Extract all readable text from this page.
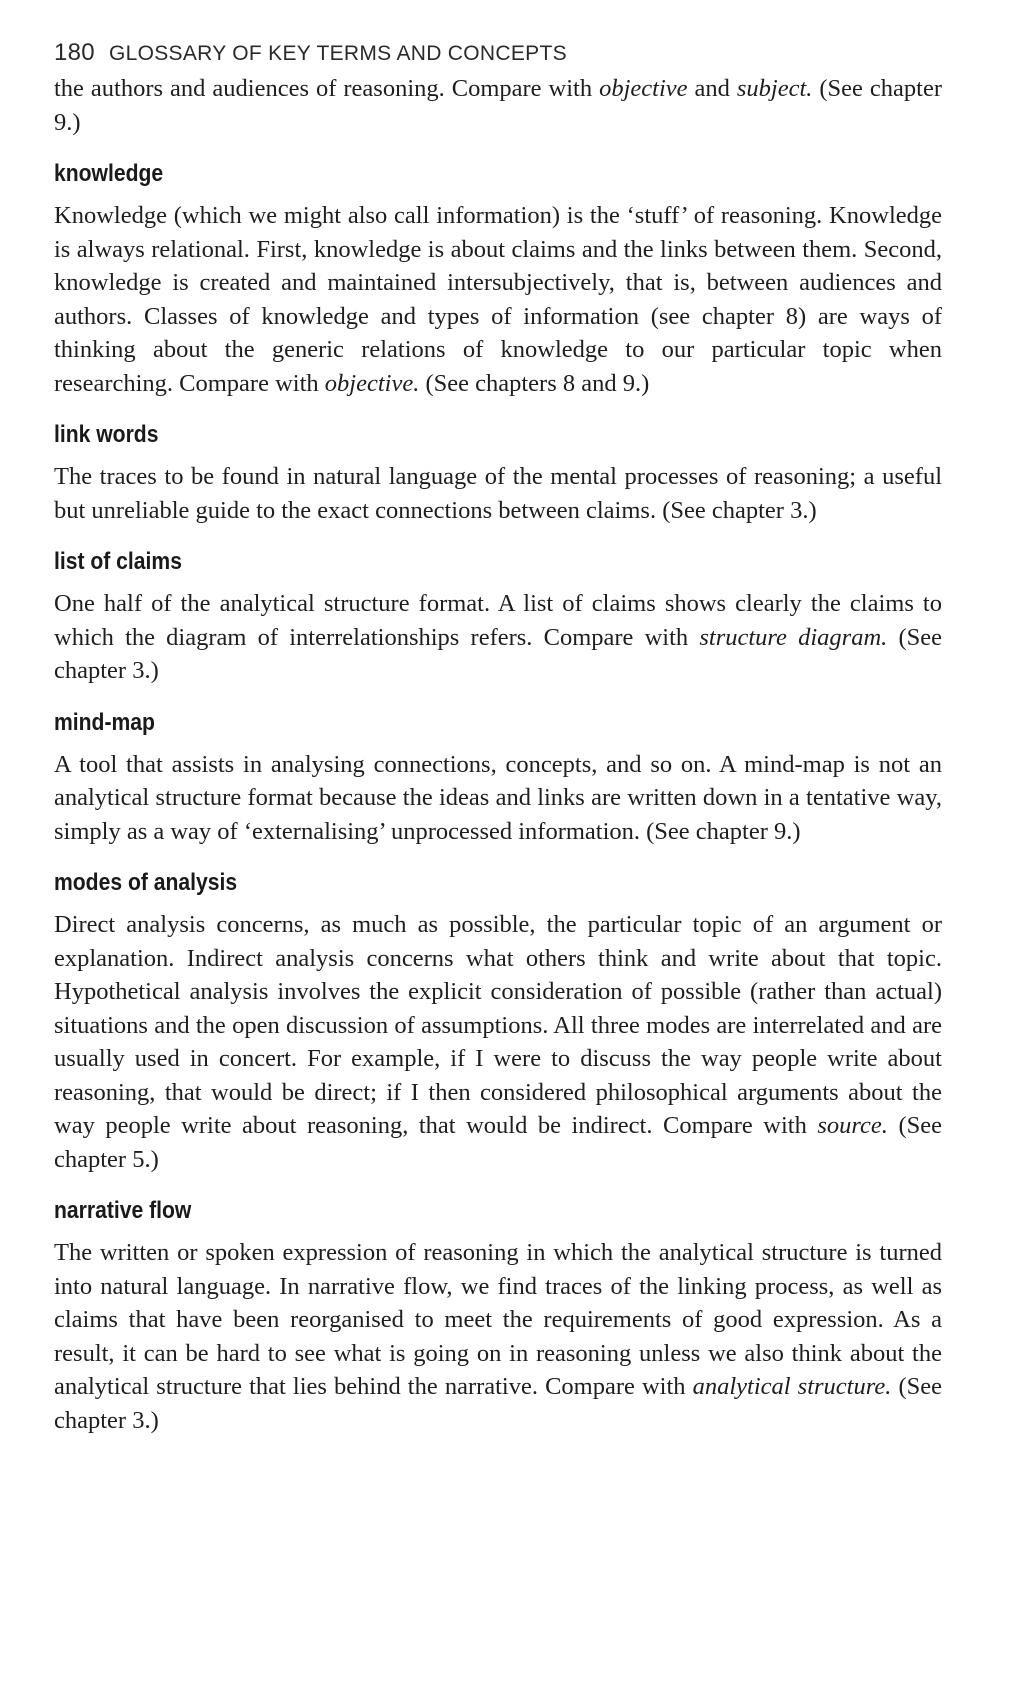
180 GLOSSARY OF KEY TERMS AND CONCEPTS

the authors and audiences of reasoning. Compare with objective and subject. (See chapter 9.)

knowledge

Knowledge (which we might also call information) is the ‘stuff’ of reasoning. Knowledge is always relational. First, knowledge is about claims and the links between them. Second, knowledge is created and maintained intersubjectively, that is, between audiences and authors. Classes of knowledge and types of information (see chapter 8) are ways of thinking about the generic relations of knowledge to our particular topic when researching. Compare with objective. (See chapters 8 and 9.)

link words

The traces to be found in natural language of the mental processes of reasoning; a useful but unreliable guide to the exact connections between claims. (See chapter 3.)

list of claims

One half of the analytical structure format. A list of claims shows clearly the claims to which the diagram of interrelationships refers. Compare with structure diagram. (See chapter 3.)

mind-map

A tool that assists in analysing connections, concepts, and so on. A mind-map is not an analytical structure format because the ideas and links are written down in a tentative way, simply as a way of ‘externalising’ unprocessed information. (See chapter 9.)

modes of analysis

Direct analysis concerns, as much as possible, the particular topic of an argument or explanation. Indirect analysis concerns what others think and write about that topic. Hypothetical analysis involves the explicit consideration of possible (rather than actual) situations and the open discussion of assumptions. All three modes are interrelated and are usually used in concert. For example, if I were to discuss the way people write about reasoning, that would be direct; if I then considered philosophical arguments about the way people write about reasoning, that would be indirect. Compare with source. (See chapter 5.)

narrative flow

The written or spoken expression of reasoning in which the analytical structure is turned into natural language. In narrative flow, we find traces of the linking process, as well as claims that have been reorganised to meet the requirements of good expression. As a result, it can be hard to see what is going on in reasoning unless we also think about the analytical structure that lies behind the narrative. Compare with analytical structure. (See chapter 3.)
